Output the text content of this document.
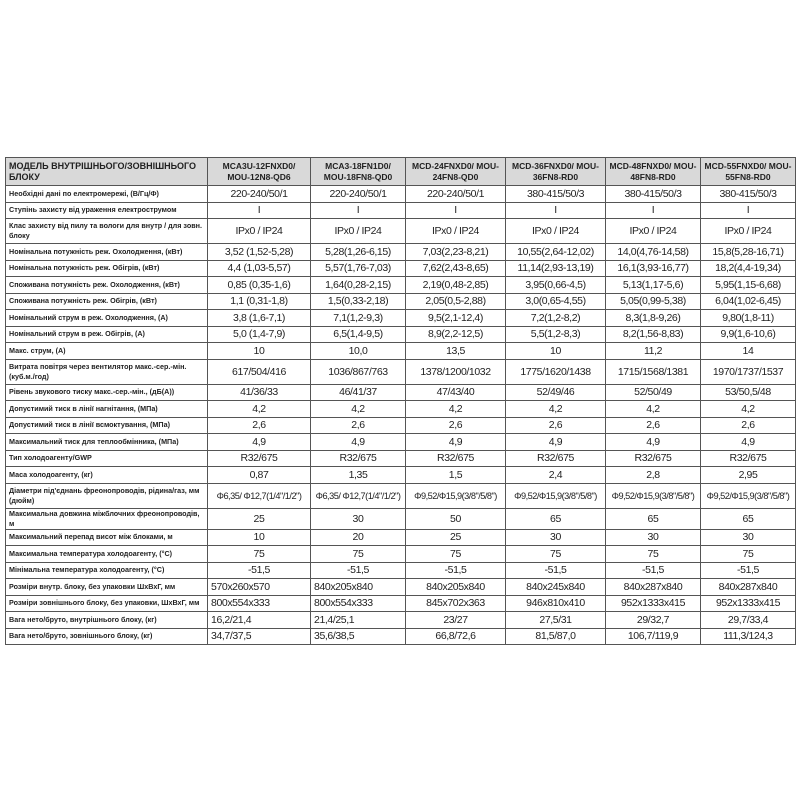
МОДЕЛЬ ВНУТРІШНЬОГО/ЗОВНІШНЬОГО БЛОКУ	MCA3U-12FNXD0/ MOU-12N8-QD6	MCA3-18FN1D0/ MOU-18FN8-QD0	MCD-24FNXD0/ MOU-24FN8-QD0	MCD-36FNXD0/ MOU-36FN8-RD0	MCD-48FNXD0/ MOU-48FN8-RD0	MCD-55FNXD0/ MOU-55FN8-RD0
Необхідні дані по електромережі, (В/Гц/Ф)	220-240/50/1	220-240/50/1	220-240/50/1	380-415/50/3	380-415/50/3	380-415/50/3
Ступінь захисту від ураження електрострумом	I	I	I	I	I	I
Клас захисту від пилу та вологи для внутр / для зовн. блоку	IPx0 / IP24	IPx0 / IP24	IPx0 / IP24	IPx0 / IP24	IPx0 / IP24	IPx0 / IP24
Номінальна потужність реж. Охолодження, (кВт)	3,52 (1,52-5,28)	5,28(1,26-6,15)	7,03(2,23-8,21)	10,55(2,64-12,02)	14,0(4,76-14,58)	15,8(5,28-16,71)
Номінальна потужність реж. Обігрів, (кВт)	4,4 (1,03-5,57)	5,57(1,76-7,03)	7,62(2,43-8,65)	11,14(2,93-13,19)	16,1(3,93-16,77)	18,2(4,4-19,34)
Споживана потужність реж. Охолодження, (кВт)	0,85 (0,35-1,6)	1,64(0,28-2,15)	2,19(0,48-2,85)	3,95(0,66-4,5)	5,13(1,17-5,6)	5,95(1,15-6,68)
Споживана потужність реж. Обігрів, (кВт)	1,1 (0,31-1,8)	1,5(0,33-2,18)	2,05(0,5-2,88)	3,0(0,65-4,55)	5,05(0,99-5,38)	6,04(1,02-6,45)
Номінальний струм в реж. Охолодження, (А)	3,8 (1,6-7,1)	7,1(1,2-9,3)	9,5(2,1-12,4)	7,2(1,2-8,2)	8,3(1,8-9,26)	9,80(1,8-11)
Номінальний струм в реж. Обігрів, (А)	5,0 (1,4-7,9)	6,5(1,4-9,5)	8,9(2,2-12,5)	5,5(1,2-8,3)	8,2(1,56-8,83)	9,9(1,6-10,6)
Макс. струм, (А)	10	10,0	13,5	10	11,2	14
Витрата повітря через вентилятор макс.-сер.-мін. (куб.м./год)	617/504/416	1036/867/763	1378/1200/1032	1775/1620/1438	1715/1568/1381	1970/1737/1537
Рівень звукового тиску макс.-сер.-мін., (дБ(А))	41/36/33	46/41/37	47/43/40	52/49/46	52/50/49	53/50,5/48
Допустимий тиск в лінії нагнітання, (МПа)	4,2	4,2	4,2	4,2	4,2	4,2
Допустимий тиск в лінії всмоктування, (МПа)	2,6	2,6	2,6	2,6	2,6	2,6
Максимальний тиск для теплообмінника, (МПа)	4,9	4,9	4,9	4,9	4,9	4,9
Тип холодоагенту/GWP	R32/675	R32/675	R32/675	R32/675	R32/675	R32/675
Маса холодоагенту, (кг)	0,87	1,35	1,5	2,4	2,8	2,95
Діаметри під'єднань фреонопроводів, рідина/газ, мм (дюйм)	Φ6,35/ Φ12,7(1/4"/1/2")	Φ6,35/ Φ12,7(1/4"/1/2")	Φ9,52/Φ15,9(3/8"/5/8")	Φ9,52/Φ15,9(3/8"/5/8")	Φ9,52/Φ15,9(3/8"/5/8")	Φ9,52/Φ15,9(3/8"/5/8")
Максимальна довжина міжблочних фреонопроводів, м	25	30	50	65	65	65
Максимальний перепад висот між блоками, м	10	20	25	30	30	30
Максимальна температура холодоагенту, (°С)	75	75	75	75	75	75
Мінімальна температура холодоагенту, (°С)	-51,5	-51,5	-51,5	-51,5	-51,5	-51,5
Розміри внутр. блоку, без упаковки ШхВхГ, мм	570x260x570	840x205x840	840x205x840	840x245x840	840x287x840	840x287x840
Розміри зовнішнього блоку, без упаковки, ШхВхГ, мм	800x554x333	800x554x333	845x702x363	946x810x410	952x1333x415	952x1333x415
Вага нето/бруто, внутрішнього блоку, (кг)	16,2/21,4	21,4/25,1	23/27	27,5/31	29/32,7	29,7/33,4
Вага нето/бруто, зовнішнього блоку, (кг)	34,7/37,5	35,6/38,5	66,8/72,6	81,5/87,0	106,7/119,9	111,3/124,3
